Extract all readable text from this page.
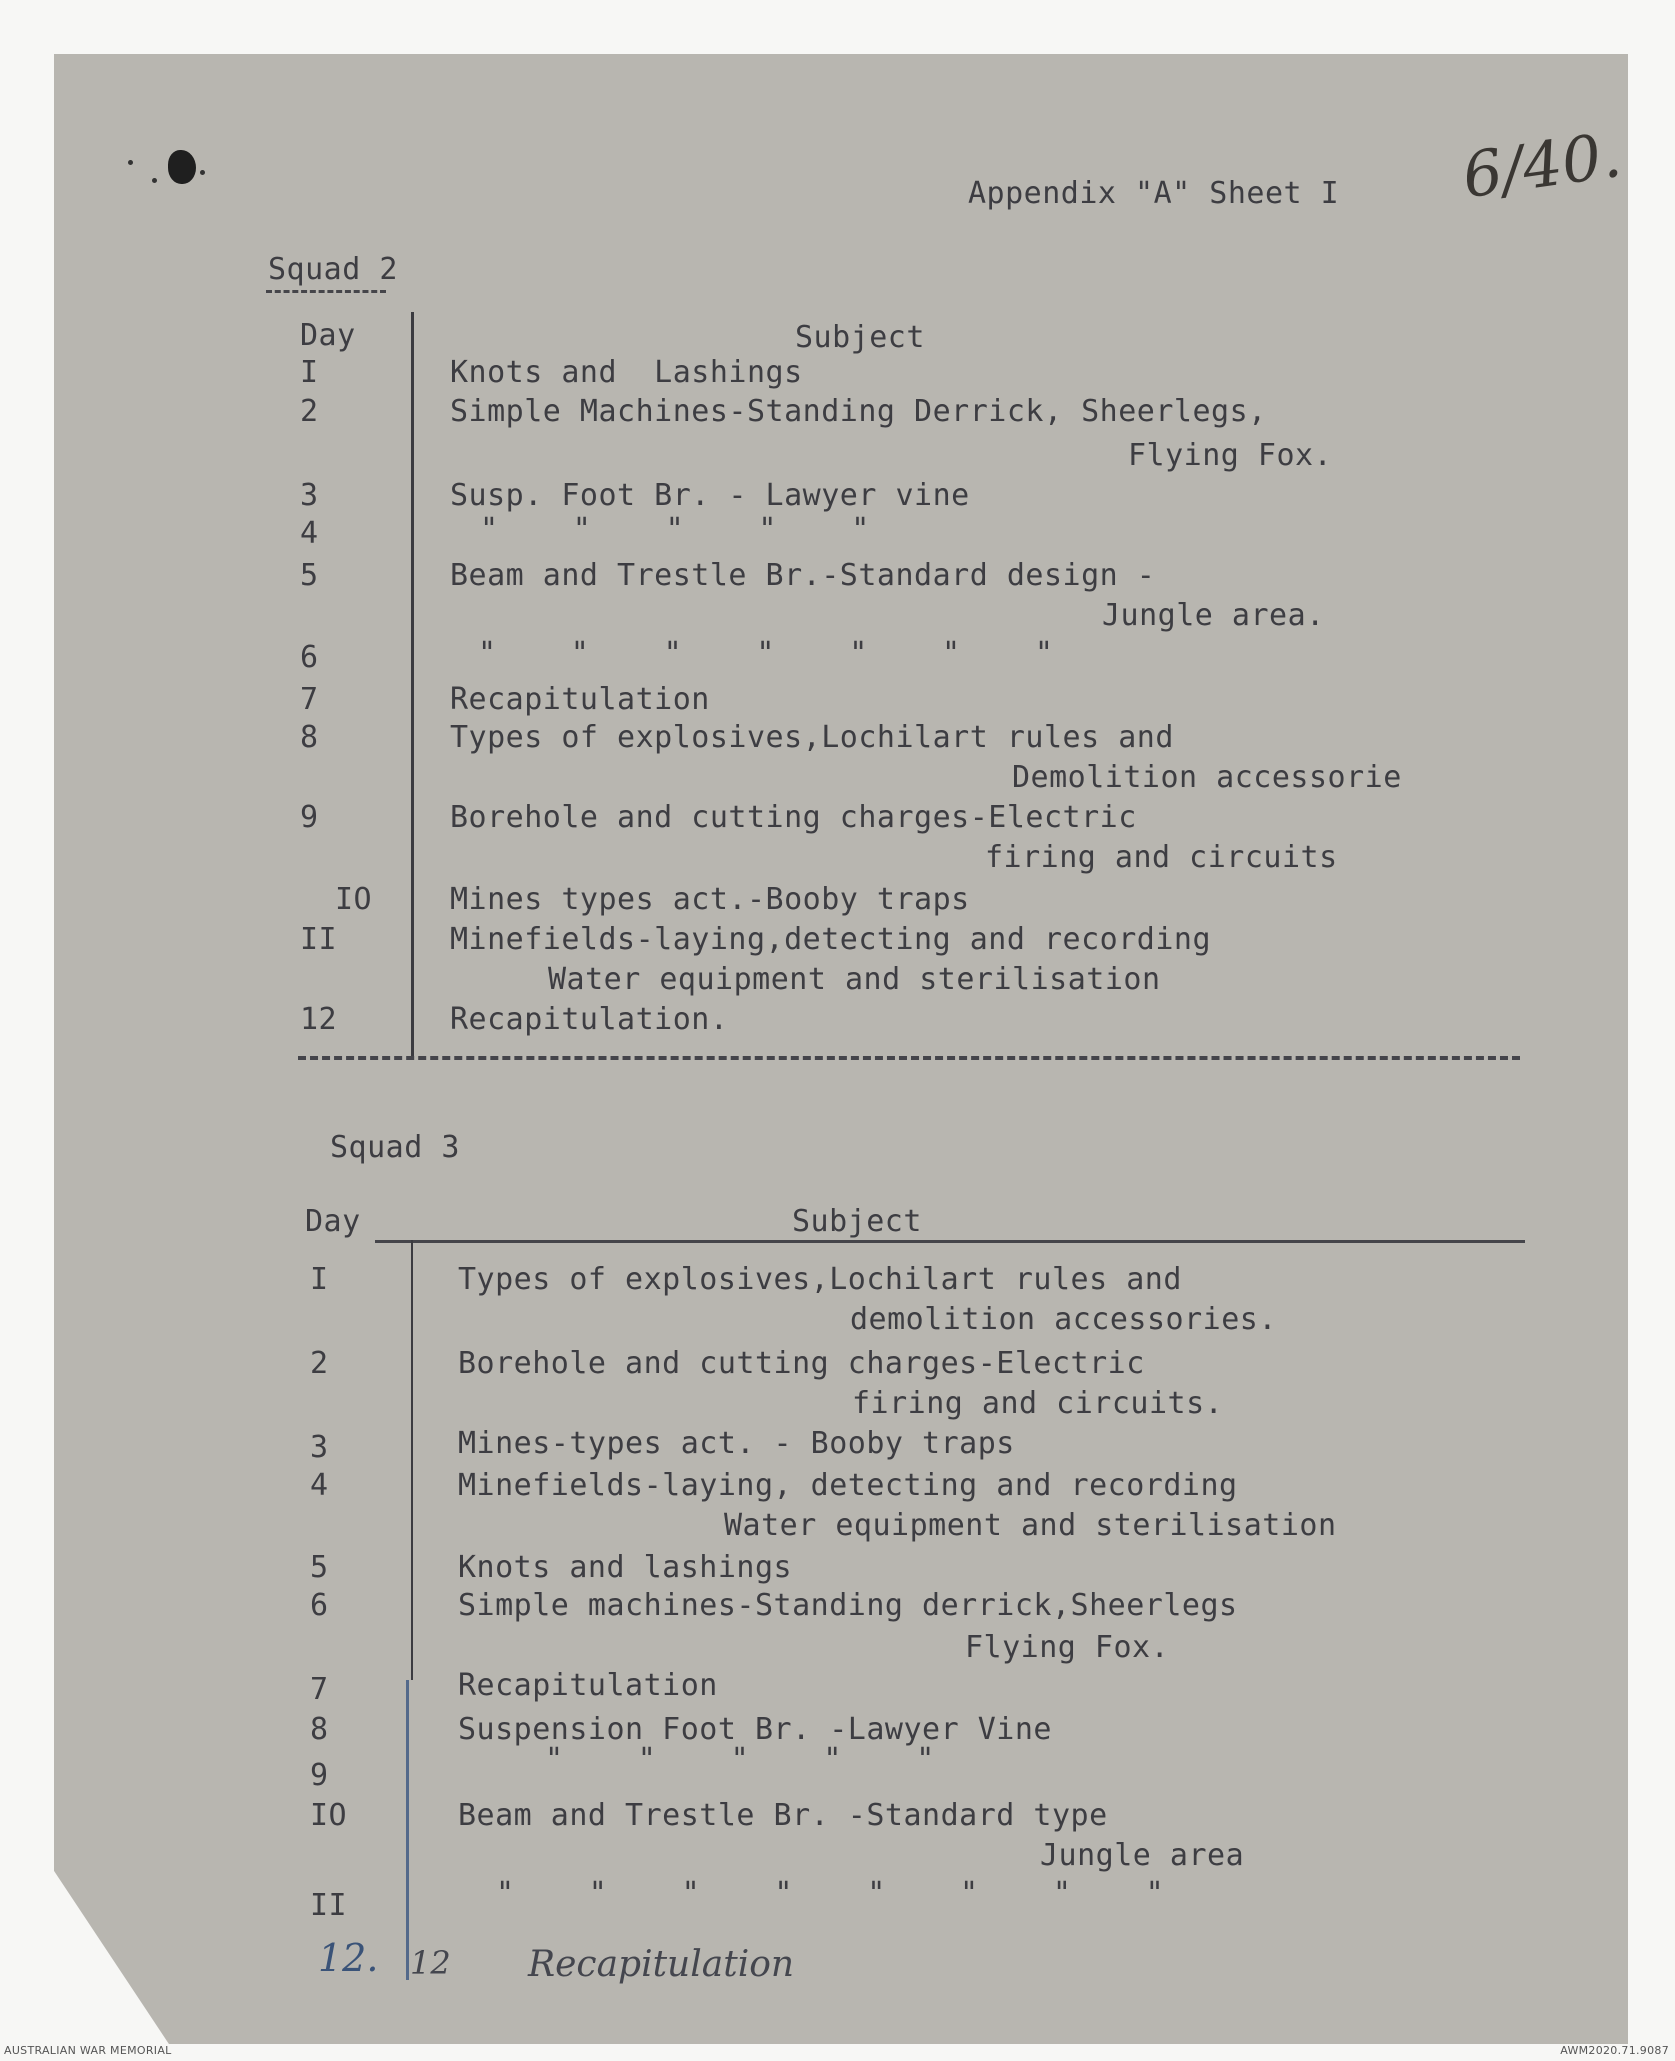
Appendix "A" Sheet I 6/40.
Squad 2
Day	Subject
I	Knots and  Lashings
2	Simple Machines-Standing Derrick, Sheerlegs,
Flying Fox.
3	Susp. Foot Br. - Lawyer vine
4	"    "    "    "    "
5	Beam and Trestle Br.-Standard design -
Jungle area.
6	"    "    "    "    "    "    "
7	Recapitulation
8	Types of explosives,Lochilart rules and
Demolition accessorie
9	Borehole and cutting charges-Electric
firing and circuits
IO	Mines types act.-Booby traps
II	Minefields-laying,detecting and recording
Water equipment and sterilisation
12	Recapitulation.
Squad 3
Day	Subject
I	Types of explosives,Lochilart rules and
demolition accessories.
2	Borehole and cutting charges-Electric
firing and circuits.
3	Mines-types act. - Booby traps
4	Minefields-laying, detecting and recording
Water equipment and sterilisation
5	Knots and lashings
6	Simple machines-Standing derrick,Sheerlegs
Flying Fox.
7	Recapitulation
8	Suspension Foot Br. -Lawyer Vine
9	"    "    "    "    "
IO	Beam and Trestle Br. -Standard type
Jungle area
II	"    "    "    "    "    "    "    "
12. 12 Recapitulation
AUSTRALIAN WAR MEMORIAL	AWM2020.71.9087
